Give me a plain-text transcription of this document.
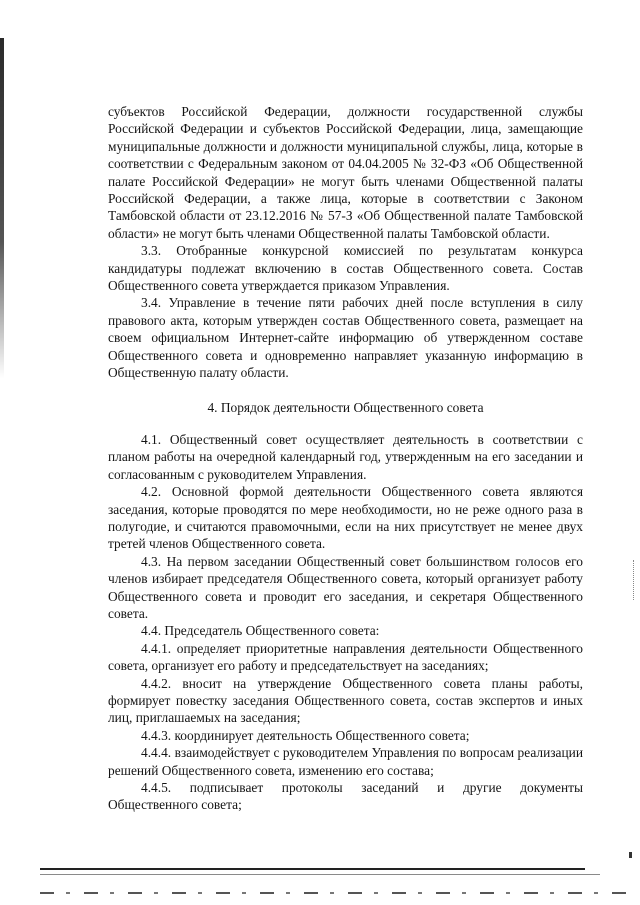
субъектов Российской Федерации, должности государственной службы Российской Федерации и субъектов Российской Федерации, лица, замещающие муниципальные должности и должности муниципальной службы, лица, которые в соответствии с Федеральным законом от 04.04.2005 № 32-ФЗ «Об Общественной палате Российской Федерации» не могут быть членами Общественной палаты Российской Федерации, а также лица, которые в соответствии с Законом Тамбовской области от 23.12.2016 № 57-З «Об Общественной палате Тамбовской области» не могут быть членами Общественной палаты Тамбовской области.

3.3. Отобранные конкурсной комиссией по результатам конкурса кандидатуры подлежат включению в состав Общественного совета. Состав Общественного совета утверждается приказом Управления.

3.4. Управление в течение пяти рабочих дней после вступления в силу правового акта, которым утвержден состав Общественного совета, размещает на своем официальном Интернет-сайте информацию об утвержденном составе Общественного совета и одновременно направляет указанную информацию в Общественную палату области.

4. Порядок деятельности Общественного совета

4.1. Общественный совет осуществляет деятельность в соответствии с планом работы на очередной календарный год, утвержденным на его заседании и согласованным с руководителем Управления.

4.2. Основной формой деятельности Общественного совета являются заседания, которые проводятся по мере необходимости, но не реже одного раза в полугодие, и считаются правомочными, если на них присутствует не менее двух третей членов Общественного совета.

4.3. На первом заседании Общественный совет большинством голосов его членов избирает председателя Общественного совета, который организует работу Общественного совета и проводит его заседания, и секретаря Общественного совета.

4.4. Председатель Общественного совета:

4.4.1. определяет приоритетные направления деятельности Общественного совета, организует его работу и председательствует на заседаниях;

4.4.2. вносит на утверждение Общественного совета планы работы, формирует повестку заседания Общественного совета, состав экспертов и иных лиц, приглашаемых на заседания;

4.4.3. координирует деятельность Общественного совета;

4.4.4. взаимодействует с руководителем Управления по вопросам реализации решений Общественного совета, изменению его состава;

4.4.5. подписывает протоколы заседаний и другие документы Общественного совета;
